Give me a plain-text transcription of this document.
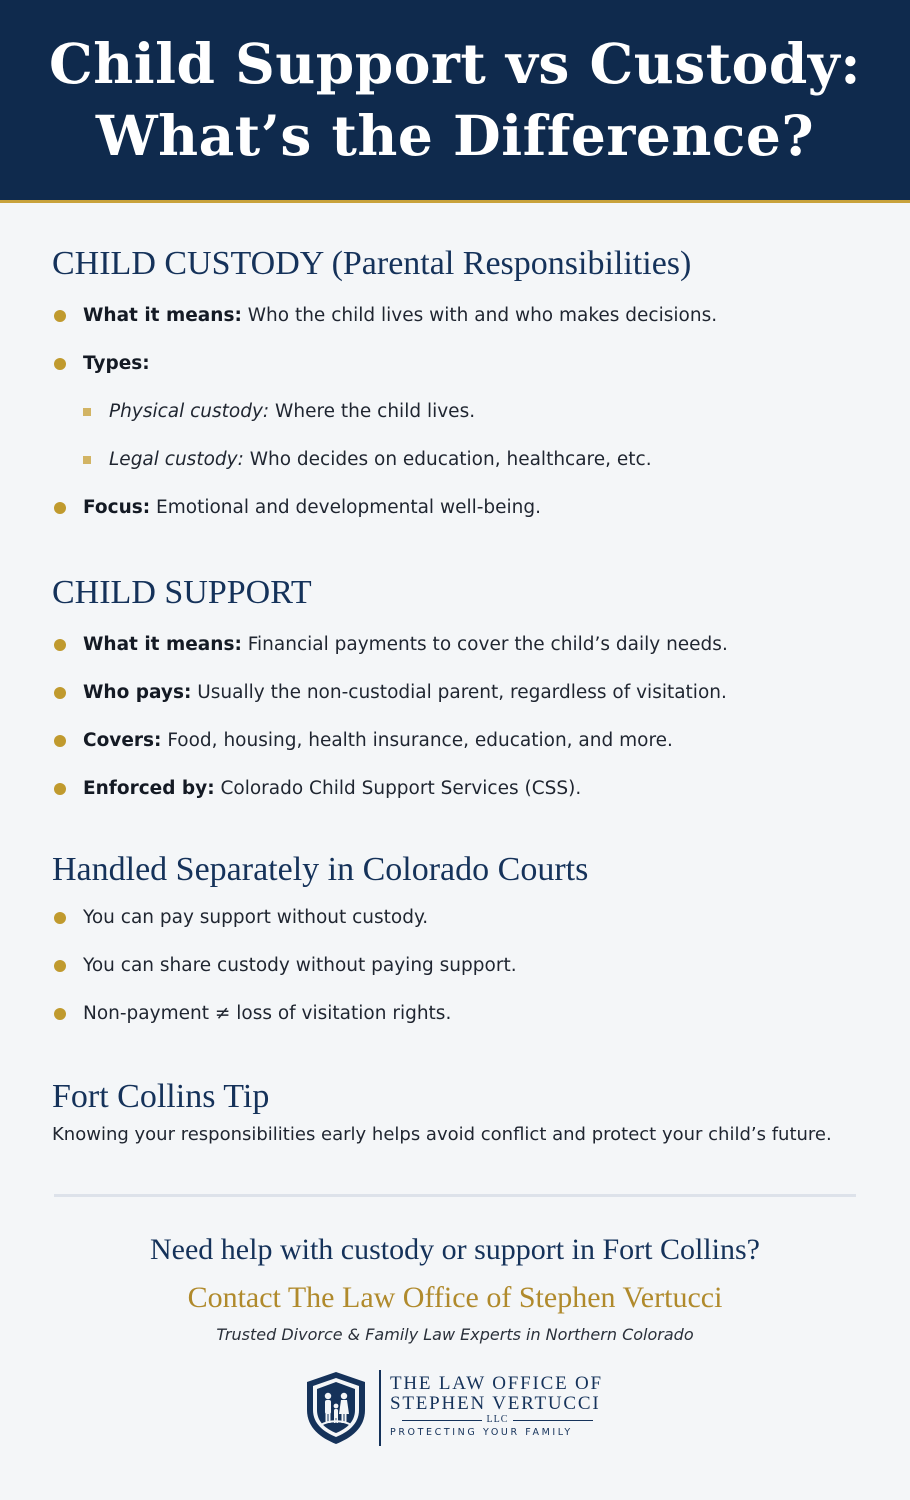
Child Support vs Custody:
What’s the Difference?
CHILD CUSTODY (Parental Responsibilities)
What it means: Who the child lives with and who makes decisions.
Types:
Physical custody: Where the child lives.
Legal custody: Who decides on education, healthcare, etc.
Focus: Emotional and developmental well-being.
CHILD SUPPORT
What it means: Financial payments to cover the child’s daily needs.
Who pays: Usually the non-custodial parent, regardless of visitation.
Covers: Food, housing, health insurance, education, and more.
Enforced by: Colorado Child Support Services (CSS).
Handled Separately in Colorado Courts
You can pay support without custody.
You can share custody without paying support.
Non-payment ≠ loss of visitation rights.
Fort Collins Tip
Knowing your responsibilities early helps avoid conflict and protect your child’s future.
Need help with custody or support in Fort Collins?
Contact The Law Office of Stephen Vertucci
Trusted Divorce & Family Law Experts in Northern Colorado
THE LAW OFFICE OF
STEPHEN VERTUCCI
LLC
PROTECTING YOUR FAMILY
